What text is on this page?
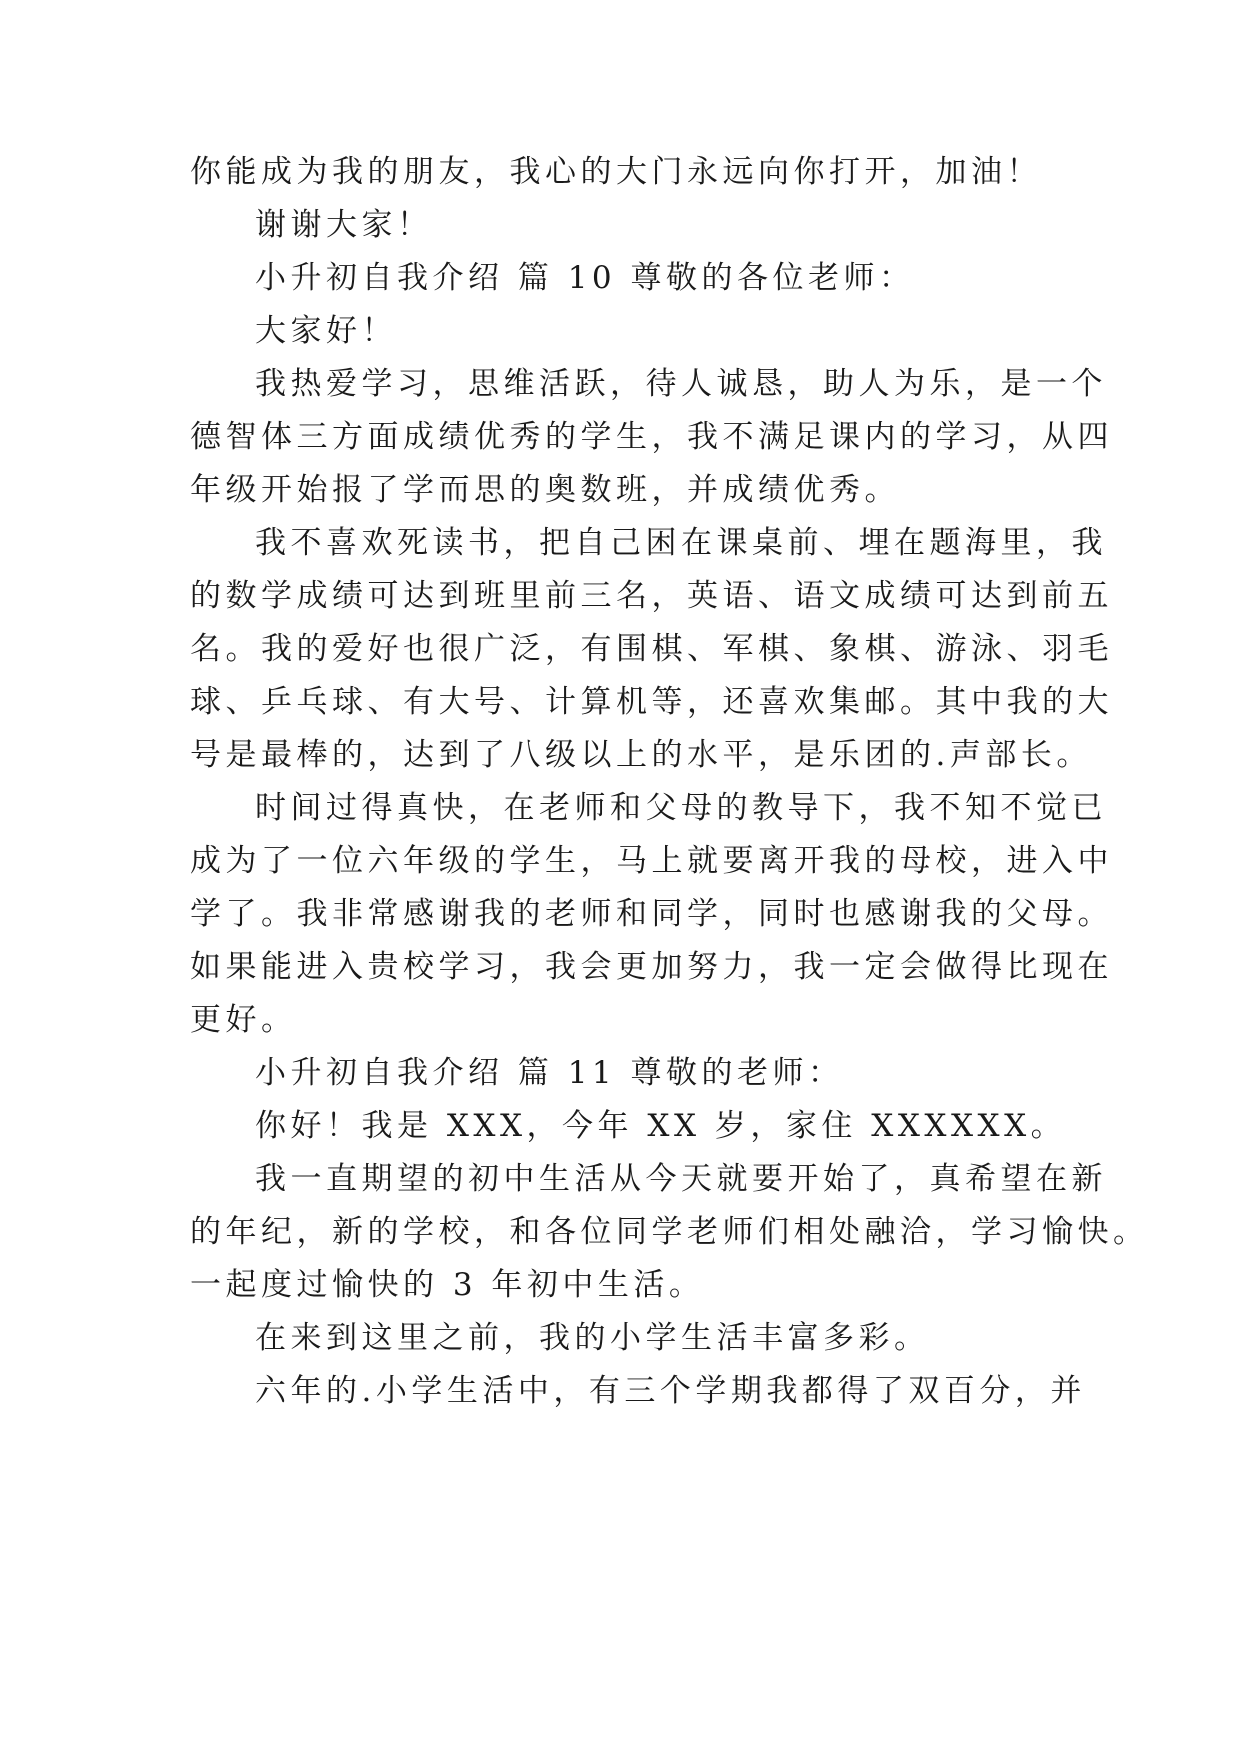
你能成为我的朋友，我心的大门永远向你打开，加油！
谢谢大家！
小升初自我介绍 篇 10 尊敬的各位老师：
大家好！
我热爱学习，思维活跃，待人诚恳，助人为乐，是一个
德智体三方面成绩优秀的学生，我不满足课内的学习，从四
年级开始报了学而思的奥数班，并成绩优秀。
我不喜欢死读书，把自己困在课桌前、埋在题海里，我
的数学成绩可达到班里前三名，英语、语文成绩可达到前五
名。我的爱好也很广泛，有围棋、军棋、象棋、游泳、羽毛
球、乒乓球、有大号、计算机等，还喜欢集邮。其中我的大
号是最棒的，达到了八级以上的水平，是乐团的.声部长。
时间过得真快，在老师和父母的教导下，我不知不觉已
成为了一位六年级的学生，马上就要离开我的母校，进入中
学了。我非常感谢我的老师和同学，同时也感谢我的父母。
如果能进入贵校学习，我会更加努力，我一定会做得比现在
更好。
小升初自我介绍 篇 11 尊敬的老师：
你好！我是 XXX，今年 XX 岁，家住 XXXXXX。
我一直期望的初中生活从今天就要开始了，真希望在新
的年纪，新的学校，和各位同学老师们相处融洽，学习愉快。
一起度过愉快的 3 年初中生活。
在来到这里之前，我的小学生活丰富多彩。
六年的.小学生活中，有三个学期我都得了双百分，并
